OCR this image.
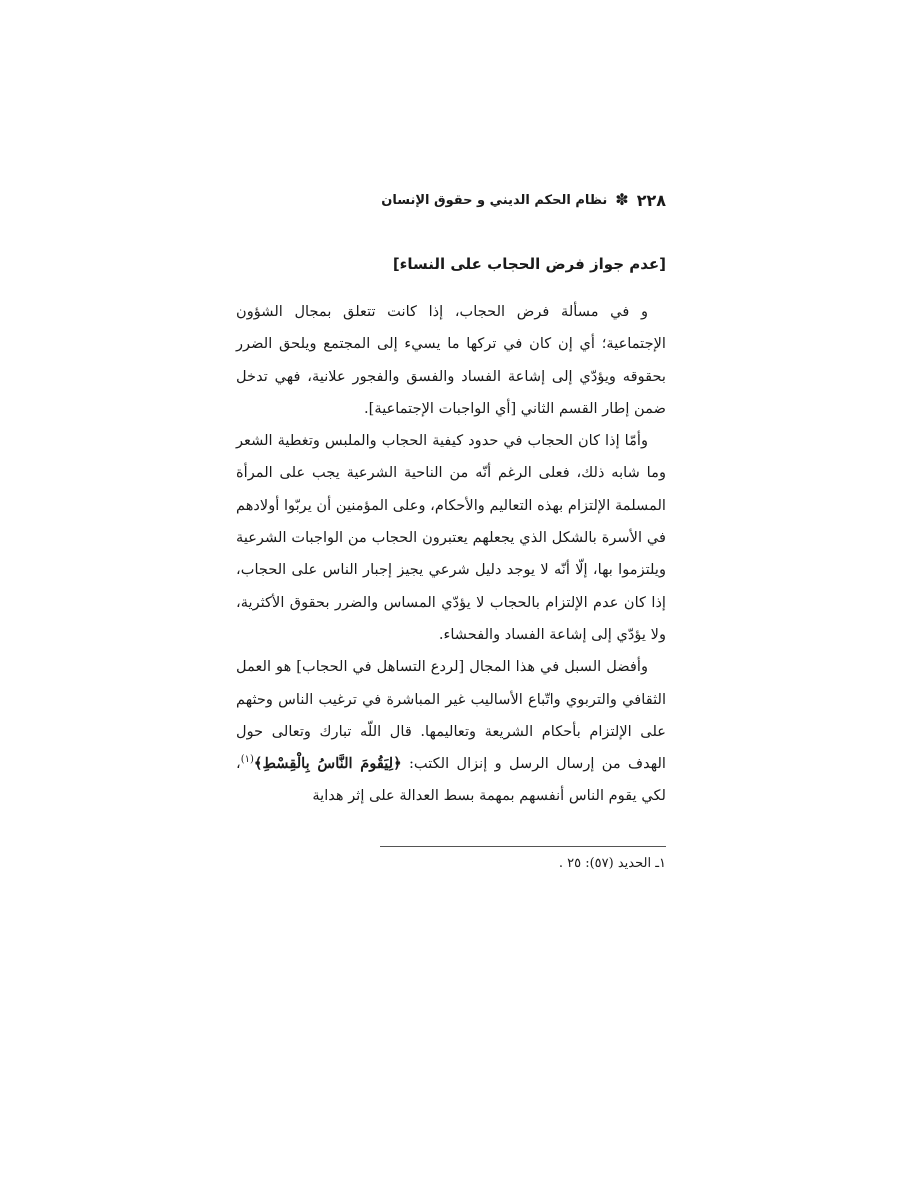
٢٢٨
✽
نظام الحكم الديني و حقوق الإنسان
[عدم جواز فرض الحجاب على النساء]

و في مسألة فرض الحجاب، إذا كانت تتعلق بمجال الشؤون الإجتماعية؛ أي إن كان في تركها ما يسيء إلى المجتمع ويلحق الضرر بحقوقه ويؤدّي إلى إشاعة الفساد والفسق والفجور علانية، فهي تدخل ضمن إطار القسم الثاني [أي الواجبات الإجتماعية].

وأمّا إذا كان الحجاب في حدود كيفية الحجاب والملبس وتغطية الشعر وما شابه ذلك، فعلى الرغم أنّه من الناحية الشرعية يجب على المرأة المسلمة الإلتزام بهذه التعاليم والأحكام، وعلى المؤمنين أن يربّوا أولادهم في الأسرة بالشكل الذي يجعلهم يعتبرون الحجاب من الواجبات الشرعية ويلتزموا بها، إلّا أنّه لا يوجد دليل شرعي يجيز إجبار الناس على الحجاب، إذا كان عدم الإلتزام بالحجاب لا يؤدّي المساس والضرر بحقوق الأكثرية، ولا يؤدّي إلى إشاعة الفساد والفحشاء.

وأفضل السبل في هذا المجال [لردع التساهل في الحجاب] هو العمل الثقافي والتربوي واتّباع الأساليب غير المباشرة في ترغيب الناس وحثهم على الإلتزام بأحكام الشريعة وتعاليمها. قال اللّه تبارك وتعالى حول الهدف من إرسال الرسل و إنزال الكتب: ﴿لِيَقُومَ النَّاسُ بِالْقِسْطِ﴾$^{(١)}$، لكي يقوم الناس أنفسهم بمهمة بسط العدالة على إثر هداية

١ـ الحديد (٥٧): ٢٥ .
